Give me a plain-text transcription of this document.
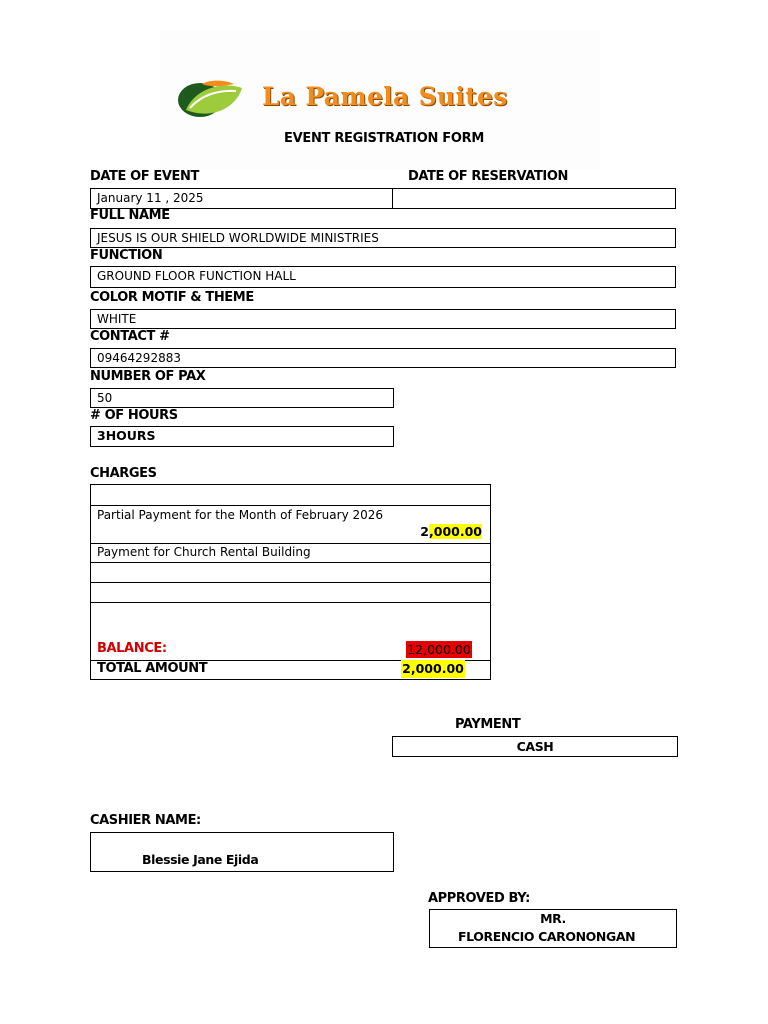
La Pamela Suites
EVENT REGISTRATION FORM
DATE OF EVENT	DATE OF RESERVATION
January 11 , 2025
FULL NAME
JESUS IS OUR SHIELD WORLDWIDE MINISTRIES
FUNCTION
GROUND FLOOR FUNCTION HALL
COLOR MOTIF & THEME
WHITE
CONTACT #
09464292883
NUMBER OF PAX
50
# OF HOURS
3HOURS
CHARGES
Partial Payment for the Month of February 2026
2,000.00
Payment for Church Rental Building
BALANCE:	12,000.00
TOTAL AMOUNT	2,000.00
PAYMENT
CASH
CASHIER NAME:
Blessie Jane Ejida
APPROVED BY:
MR.
FLORENCIO CARONONGAN
